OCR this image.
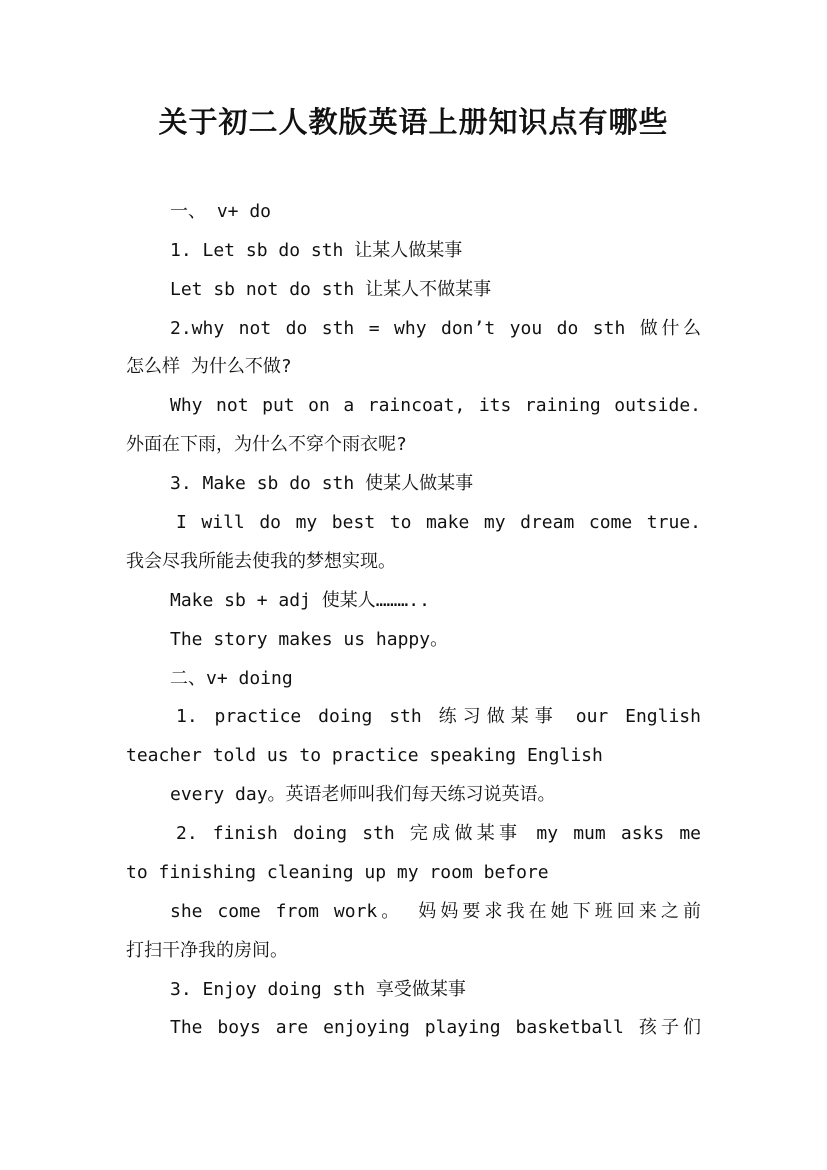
关于初二人教版英语上册知识点有哪些

一、 v+ do

1. Let sb do sth 让某人做某事

Let sb not do sth 让某人不做某事

2.why not do sth = why don’t you do sth 做什么

怎么样 为什么不做?

Why not put on a raincoat, its raining outside.

外面在下雨，为什么不穿个雨衣呢?

3. Make sb do sth 使某人做某事

I will do my best to make my dream come true.

我会尽我所能去使我的梦想实现。

Make sb + adj 使某人………..

The story makes us happy。

二、v+ doing

1. practice doing sth 练习做某事 our English

teacher told us to practice speaking English

every day。英语老师叫我们每天练习说英语。

2. finish doing sth 完成做某事 my mum asks me

to finishing cleaning up my room before

she come from work。 妈妈要求我在她下班回来之前

打扫干净我的房间。

3. Enjoy doing sth 享受做某事

The boys are enjoying playing basketball 孩子们
